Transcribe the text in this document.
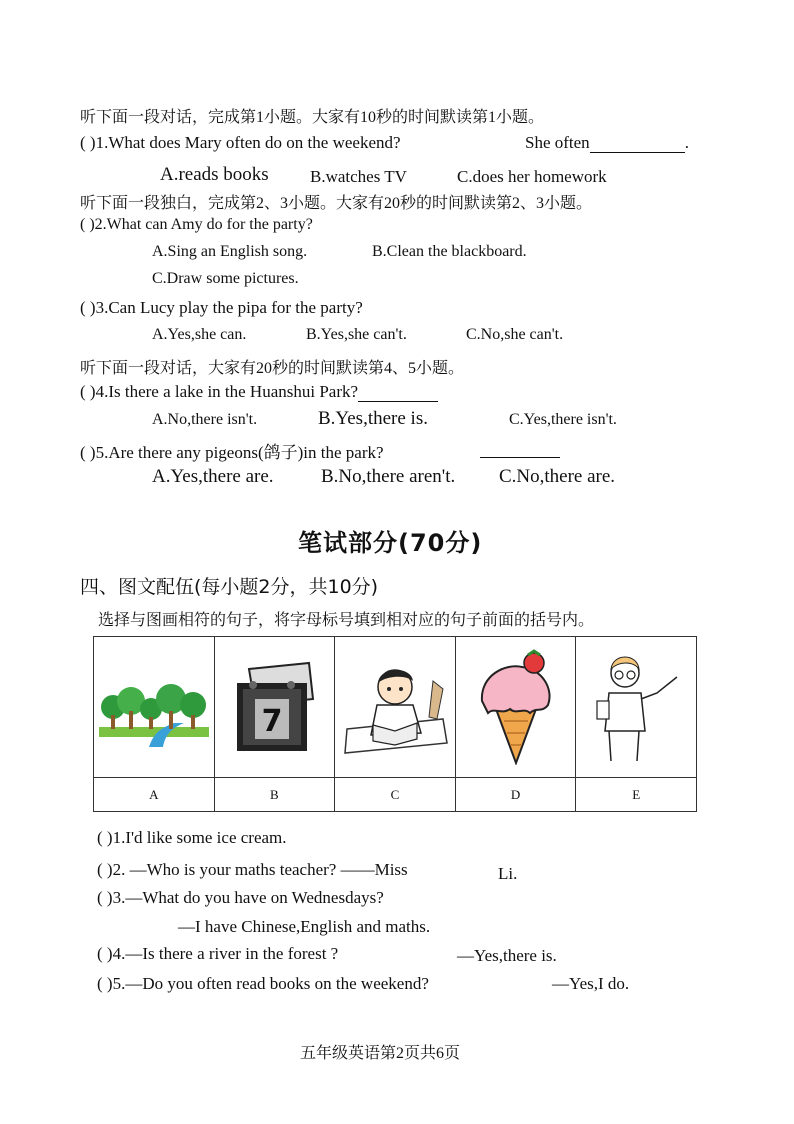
听下面一段对话，完成第1小题。大家有10秒的时间默读第1小题。
( )1.What does Mary often do on the weekend?	She often	.
A.reads books B.watches TV	C.does her homework
听下面一段独白，完成第2、3小题。大家有20秒的时间默读第2、3小题。
( )2.What can Amy do for the party?
A.Sing an English song.	B.Clean the blackboard.
C.Draw some pictures.
( )3.Can Lucy play the pipa for the party?
A.Yes,she can.	B.Yes,she can't.	C.No,she can't.
听下面一段对话，大家有20秒的时间默读第4、5小题。
( )4.Is there a lake in the Huanshui Park?
A.No,there isn't.	B.Yes,there is.	C.Yes,there isn't.
( )5.Are there any pigeons(鸽子)in the park?
A.Yes,there are. B.No,there aren't. C.No,there are.
笔试部分(70分)
四、图文配伍(每小题2分，共10分)
选择与图画相符的句子，将字母标号填到相对应的句子前面的括号内。

7

A	B	C	D	E
( )1.I'd like some ice cream.
( )2. —Who is your maths teacher? ——Miss	Li.
( )3.—What do you have on Wednesdays?
—I have Chinese,English and maths.
( )4.—Is there a river in the forest ?	—Yes,there is.
( )5.—Do you often read books on the weekend?	—Yes,I do.
五年级英语第2页共6页
